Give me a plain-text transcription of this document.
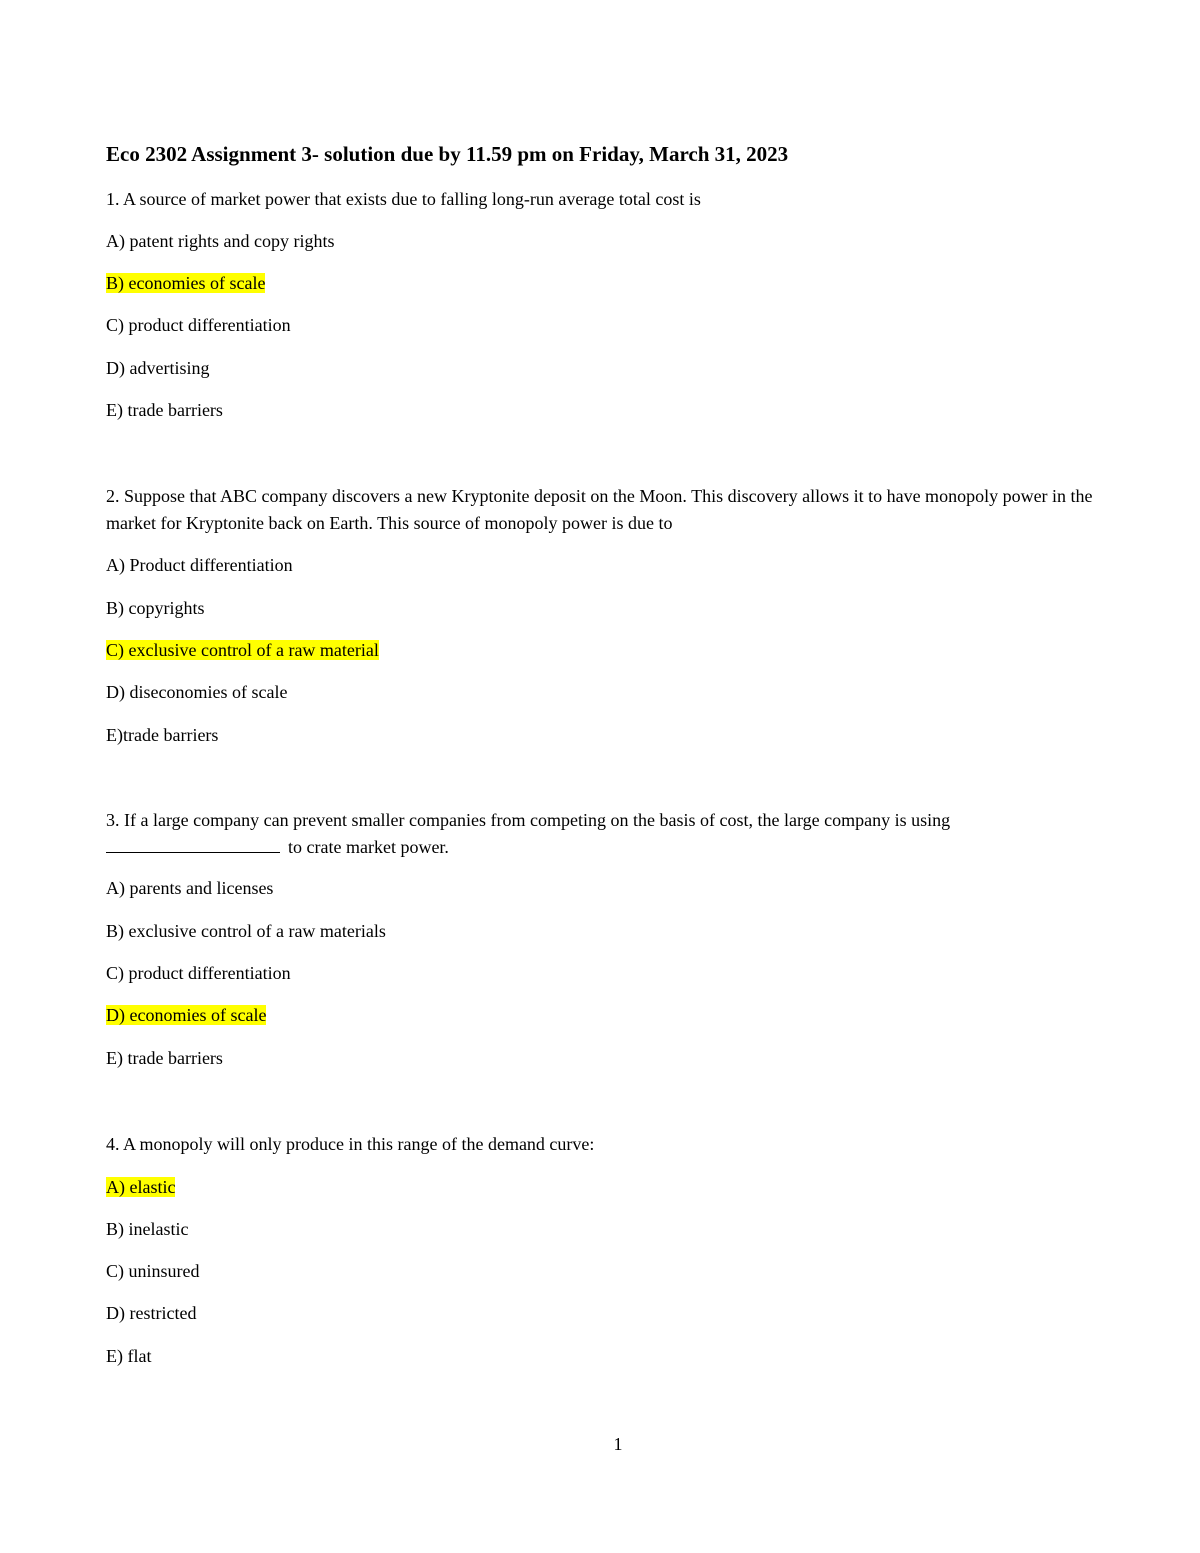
Eco 2302 Assignment 3- solution due by 11.59 pm on Friday, March 31, 2023
1. A source of market power that exists due to falling long-run average total cost is
A) patent rights and copy rights
B) economies of scale
C) product differentiation
D) advertising
E) trade barriers
2. Suppose that ABC company discovers a new Kryptonite deposit on the Moon. This discovery allows it to have monopoly power in the market for Kryptonite back on Earth. This source of monopoly power is due to
A) Product differentiation
B) copyrights
C) exclusive control of a raw material
D) diseconomies of scale
E)trade barriers
3. If a large company can prevent smaller companies from competing on the basis of cost, the large company is using
to crate market power.
A) parents and licenses
B) exclusive control of a raw materials
C) product differentiation
D) economies of scale
E) trade barriers
4. A monopoly will only produce in this range of the demand curve:
A) elastic
B) inelastic
C) uninsured
D) restricted
E) flat
1
